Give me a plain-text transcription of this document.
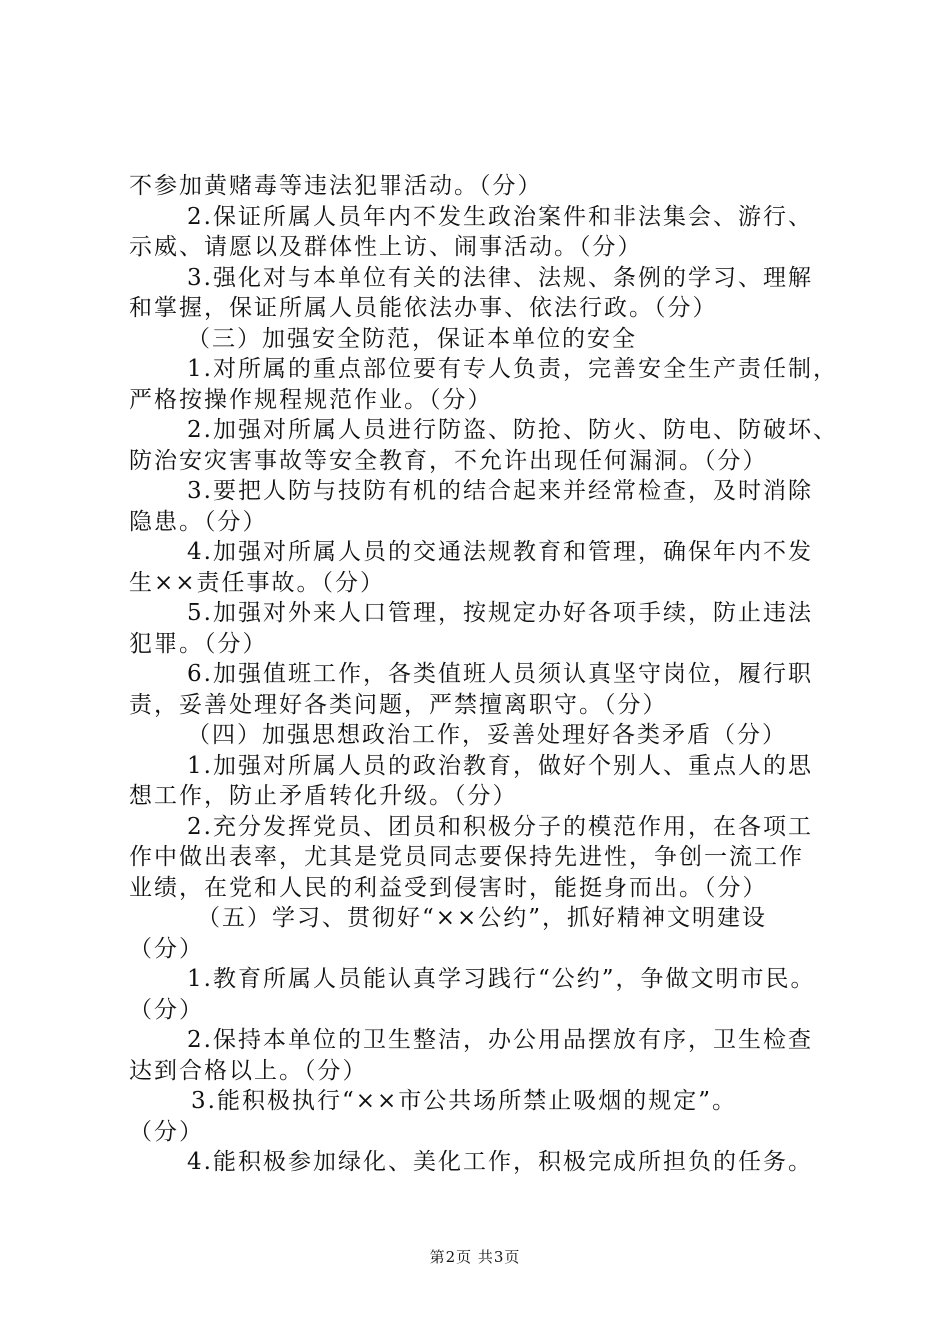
不参加黄赌毒等违法犯罪活动。（分）
2.保证所属人员年内不发生政治案件和非法集会、游行、
示威、请愿以及群体性上访、闹事活动。（分）
3.强化对与本单位有关的法律、法规、条例的学习、理解
和掌握，保证所属人员能依法办事、依法行政。（分）
（三）加强安全防范，保证本单位的安全
1.对所属的重点部位要有专人负责，完善安全生产责任制，
严格按操作规程规范作业。（分）
2.加强对所属人员进行防盗、防抢、防火、防电、防破坏、
防治安灾害事故等安全教育，不允许出现任何漏洞。（分）
3.要把人防与技防有机的结合起来并经常检查，及时消除
隐患。（分）
4.加强对所属人员的交通法规教育和管理，确保年内不发
生××责任事故。（分）
5.加强对外来人口管理，按规定办好各项手续，防止违法
犯罪。（分）
6.加强值班工作，各类值班人员须认真坚守岗位，履行职
责，妥善处理好各类问题，严禁擅离职守。（分）
（四）加强思想政治工作，妥善处理好各类矛盾（分）
1.加强对所属人员的政治教育，做好个别人、重点人的思
想工作，防止矛盾转化升级。（分）
2.充分发挥党员、团员和积极分子的模范作用，在各项工
作中做出表率，尤其是党员同志要保持先进性，争创一流工作
业绩，在党和人民的利益受到侵害时，能挺身而出。（分）
（五）学习、贯彻好“××公约”，抓好精神文明建设
（分）
1.教育所属人员能认真学习践行“公约”，争做文明市民。
（分）
2.保持本单位的卫生整洁，办公用品摆放有序，卫生检查
达到合格以上。（分）
3.能积极执行“××市公共场所禁止吸烟的规定”。
（分）
4.能积极参加绿化、美化工作，积极完成所担负的任务。
第2页 共3页
